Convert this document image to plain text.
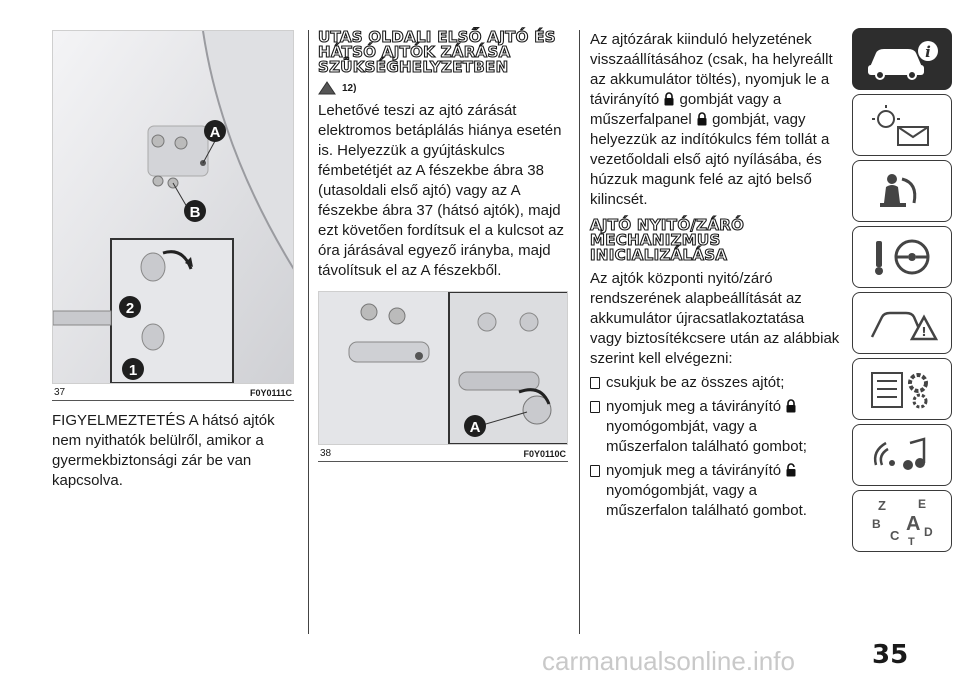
A
B
2
1
37	F0Y0111C

FIGYELMEZTETÉS A hátsó ajtók nem nyithatók belülről, amikor a gyermekbiztonsági zár be van kapcsolva.

UTAS OLDALI ELSŐ AJTÓ ÉS HÁTSÓ AJTÓK ZÁRÁSA SZÜKSÉGHELYZETBEN
12)

Lehetővé teszi az ajtó zárását elektromos betáplálás hiánya esetén is. Helyezzük a gyújtáskulcs fémbetétjét az A fészekbe ábra 38 (utasoldali első ajtó) vagy az A fészekbe ábra 37 (hátsó ajtók), majd ezt követően fordítsuk el a kulcsot az óra járásával egyező irányba, majd távolítsuk el az A fészekből.

A
38	F0Y0110C

Az ajtózárak kiinduló helyzetének visszaállításához (csak, ha helyreállt az akkumulátor töltés), nyomjuk le a távirányító gombját vagy a műszerfalpanel gombját, vagy helyezzük az indítókulcs fém tollát a vezetőoldali első ajtó nyílásába, és húzzuk magunk felé az ajtó belső kilincsét.

AJTÓ NYITÓ/ZÁRÓ MECHANIZMUS INICIALIZÁLÁSA

Az ajtók központi nyitó/záró rendszerének alapbeállítását az akkumulátor újracsatlakoztatása vagy biztosítékcsere után az alábbiak szerint kell elvégezni:

csukjuk be az összes ajtót;
nyomjuk meg a távirányító  nyomógombját, vagy a műszerfalon található gombot;
nyomjuk meg a távirányító  nyomógombját, vagy a műszerfalon található gombot.
i
!
Z	E
B A
C D
T
carmanualsonline.info	35
